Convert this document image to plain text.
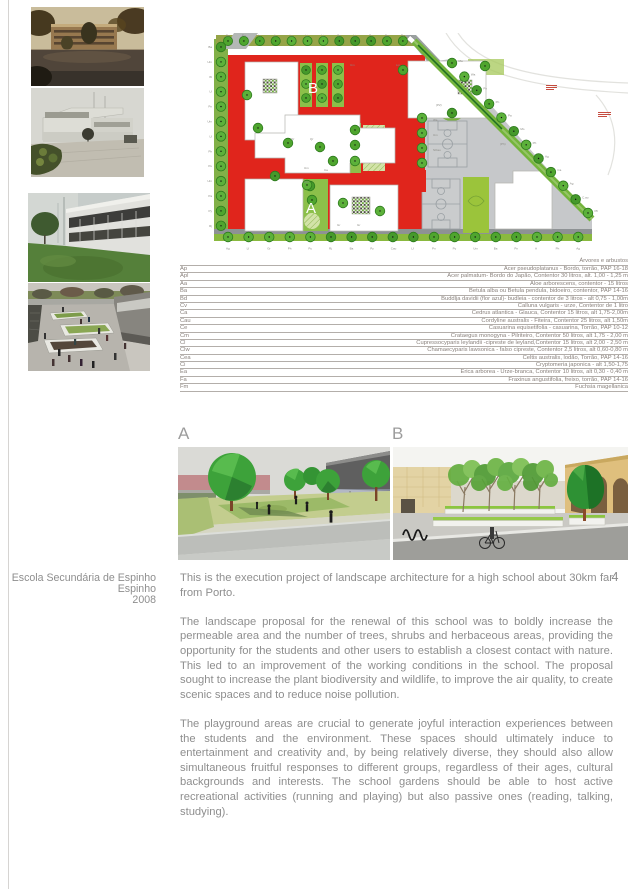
Ba	Pn	Lu	Lt	Lu	Lt	Lt	Ba	Lt	Pn	Ba	Rp
Ba
Um
W
Lf
Pn
Um
Lf
Ph
Pu
Um
Pa
Py
Rj
Ma
Wa
Ph
Pn
Pa
Mo
Ph
Ag
Ca
Ag
C.au
Ph
Ag	Lf	Gr	Ph	Py	Rj	Ba	Py	Cau	Lf	Pn	Py	Um	Ba	Pn	A	Ph	Ag
Qr	Qr
Um	Ca
ALh
Gr	Gr
Wa
Um
SOau
(P2)
(Ph)
Um	Lm
A
B
Árvores e arbustos
Ap	Acer pseudoplatanus - Bordo, torrão, PAP 16-18
Apl	Acer palmatum- Bordo do Japão, Contentor 30 litros, alt. 1,00 - 1,25 m
Aa	Aloe arborescens, contentor - 15 litros
Ba	Betula alba ou Betula pendula, bidoeiro, contentor, PAP 14-16
Bd	Buddlja davidii (flor azul)- budleia - contentor de 3 litros - alt 0,75 - 1,00m
Cv	Calluna vulgaris - urze, Contentor de 1 litro
Ca	Cedrus atlantica - Glauca, Contentor 15 litros, alt 1,75-2,00m
Cau	Cordyline australis - Fiteira, Contentor 25 litros, alt 1,50m
Ce	Casuarina equisetifolia - casuarina, Torrão, PAP 10-12
Cm	Crataegus monogyna - Pilriteiro, Contentor 50 litros, alt 1,75 - 2,00 m
Cl	Cupressocyparis leylandii -cipreste de leyland,Contentor 15 litros, alt 2,00 - 2,50 m
Clw	Chamaecyparis lawsonica - falso cipreste, Contentor 2,5 litros, alt 0,60-0,80 m
Cea	Celtis australis, lodão, Torrão, PAP 14-16
Ci	Cryptomeria japonica - alt 1,50-1,75
Ea	Erica arborea - Urze-branca, Contentor 10 litros, alt 0,30 - 0,40 m
Fa	Fraxinus angustifolia, freixo, torrão, PAP 14-16
Fm	Fuchsia magellanica
A	B
Escola Secundária de Espinho
Espinho
2008
4

This is the execution project of landscape architecture for a high school about 30km far from Porto.

The landscape proposal for the renewal of this school was to boldly increase the permeable area and the number of trees, shrubs and herbaceous areas, providing the opportunity for the students and other users to establish a closest contact with nature. This led to an improvement of the working conditions in the school. The proposal sought to increase the plant biodiversity and wildlife, to improve the air quality, to create scenic spaces and to reduce noise pollution.

The playground areas are crucial to generate joyful interaction experiences between the students and the environment. These spaces should ultimately induce to entertainment and creativity and, by being relatively diverse, they should also allow simultaneous fruitful responses to different groups, regardless of their ages, cultural backgrounds and interests. The school gardens should be able to host active recreational activities (running and playing) but also passive ones (reading, talking, studying).
